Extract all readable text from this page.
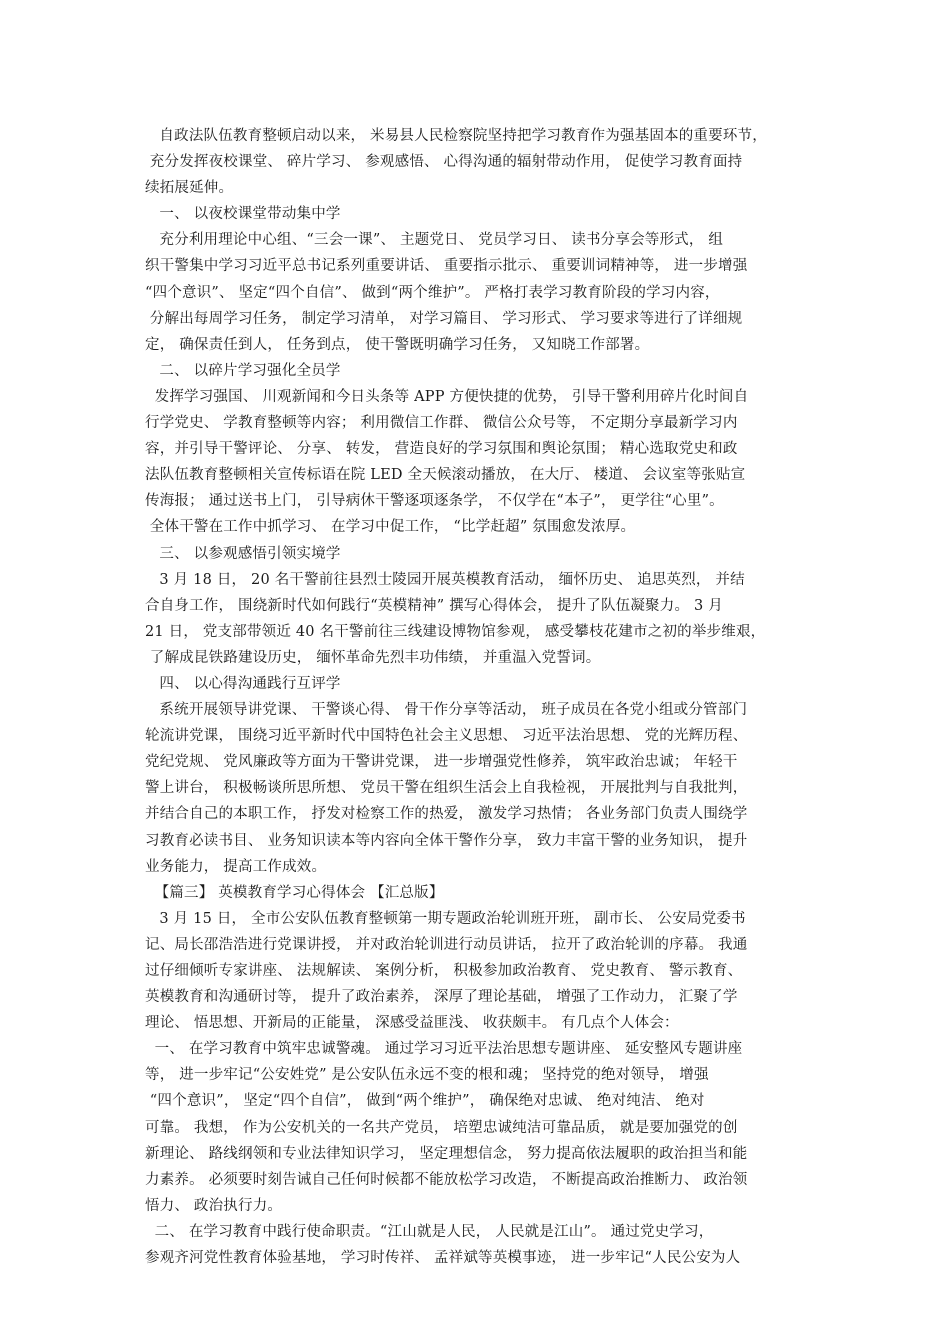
自政法队伍教育整顿启动以来， 米易县人民检察院坚持把学习教育作为强基固本的重要环节，
充分发挥夜校课堂、 碎片学习、 参观感悟、 心得沟通的辐射带动作用， 促使学习教育面持
续拓展延伸。
一、 以夜校课堂带动集中学
充分利用理论中心组、“三会一课”、 主题党日、 党员学习日、 读书分享会等形式， 组
织干警集中学习习近平总书记系列重要讲话、 重要指示批示、 重要训词精神等， 进一步增强
“四个意识”、 坚定“四个自信”、 做到“两个维护”。 严格打表学习教育阶段的学习内容，
分解出每周学习任务， 制定学习清单， 对学习篇目、 学习形式、 学习要求等进行了详细规
定， 确保责任到人， 任务到点， 使干警既明确学习任务， 又知晓工作部署。
二、 以碎片学习强化全员学
发挥学习强国、 川观新闻和今日头条等 APP 方便快捷的优势， 引导干警利用碎片化时间自
行学党史、 学教育整顿等内容； 利用微信工作群、 微信公众号等， 不定期分享最新学习内
容，并引导干警评论、 分享、 转发， 营造良好的学习氛围和舆论氛围； 精心选取党史和政
法队伍教育整顿相关宣传标语在院 LED 全天候滚动播放， 在大厅、 楼道、 会议室等张贴宣
传海报； 通过送书上门， 引导病休干警逐项逐条学， 不仅学在“本子”， 更学往“心里”。
全体干警在工作中抓学习、 在学习中促工作， “比学赶超” 氛围愈发浓厚。
三、 以参观感悟引领实境学
3 月 18 日， 20 名干警前往县烈士陵园开展英模教育活动， 缅怀历史、 追思英烈， 并结
合自身工作， 围绕新时代如何践行“英模精神” 撰写心得体会， 提升了队伍凝聚力。 3 月
21 日， 党支部带领近 40 名干警前往三线建设博物馆参观， 感受攀枝花建市之初的举步维艰，
了解成昆铁路建设历史， 缅怀革命先烈丰功伟绩， 并重温入党誓词。
四、 以心得沟通践行互评学
系统开展领导讲党课、 干警谈心得、 骨干作分享等活动， 班子成员在各党小组或分管部门
轮流讲党课， 围绕习近平新时代中国特色社会主义思想、 习近平法治思想、 党的光辉历程、
党纪党规、 党风廉政等方面为干警讲党课， 进一步增强党性修养， 筑牢政治忠诚； 年轻干
警上讲台， 积极畅谈所思所想、 党员干警在组织生活会上自我检视， 开展批判与自我批判，
并结合自己的本职工作， 抒发对检察工作的热爱， 激发学习热情； 各业务部门负责人围绕学
习教育必读书目、 业务知识读本等内容向全体干警作分享， 致力丰富干警的业务知识， 提升
业务能力， 提高工作成效。
【篇三】 英模教育学习心得体会 【汇总版】
3 月 15 日， 全市公安队伍教育整顿第一期专题政治轮训班开班， 副市长、 公安局党委书
记、局长邵浩浩进行党课讲授， 并对政治轮训进行动员讲话， 拉开了政治轮训的序幕。 我通
过仔细倾听专家讲座、 法规解读、 案例分析， 积极参加政治教育、 党史教育、 警示教育、
英模教育和沟通研讨等， 提升了政治素养， 深厚了理论基础， 增强了工作动力， 汇聚了学
理论、 悟思想、开新局的正能量， 深感受益匪浅、 收获颇丰。 有几点个人体会：
一、 在学习教育中筑牢忠诚警魂。 通过学习习近平法治思想专题讲座、 延安整风专题讲座
等， 进一步牢记“公安姓党” 是公安队伍永远不变的根和魂； 坚持党的绝对领导， 增强
“四个意识”， 坚定“四个自信”， 做到“两个维护”， 确保绝对忠诚、 绝对纯洁、 绝对
可靠。 我想， 作为公安机关的一名共产党员， 培塑忠诚纯洁可靠品质， 就是要加强党的创
新理论、 路线纲领和专业法律知识学习， 坚定理想信念， 努力提高依法履职的政治担当和能
力素养。 必须要时刻告诫自己任何时候都不能放松学习改造， 不断提高政治推断力、 政治领
悟力、 政治执行力。
二、 在学习教育中践行使命职责。“江山就是人民， 人民就是江山”。 通过党史学习，
参观齐河党性教育体验基地， 学习时传祥、 孟祥斌等英模事迹， 进一步牢记“人民公安为人
